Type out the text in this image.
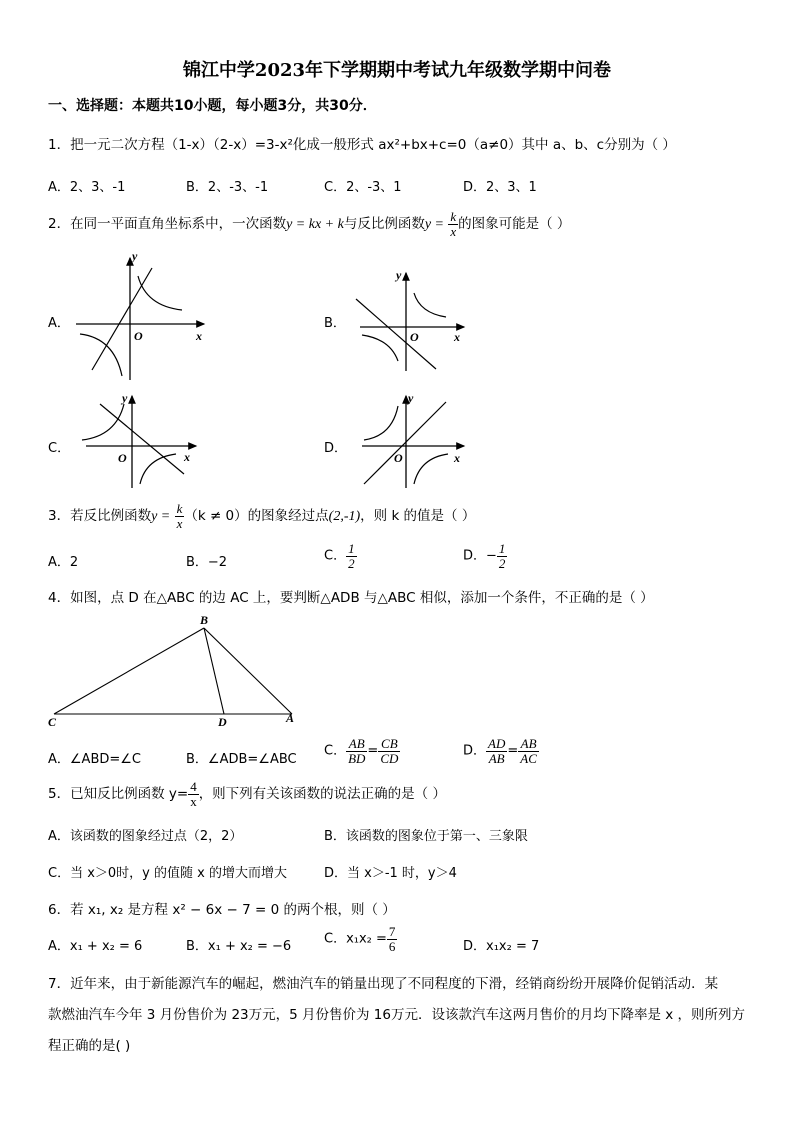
锦江中学2023年下学期期中考试九年级数学期中问卷
一、选择题：本题共10小题，每小题3分，共30分．
1．把一元二次方程（1-x）（2-x）=3-x²化成一般形式 ax²+bx+c=0（a≠0）其中 a、b、c分别为（ ）
A．2、3、-1	B．2、-3、-1	C．2、-3、1	D．2、3、1
2．在同一平面直角坐标系中，一次函数y = kx + k与反比例函数$y = \frac{k}{x}$ 的图象可能是（ ）
A．	B．
C．	D．
y
x
O
y
x
O
y
x
O
y
x
O
3．若反比例函数$y = \frac{k}{x} (k \ne 0)$的图象经过点(2,-1)，则 k 的值是（ ）
A．2	B．−2	C． $\frac{1}{2}$	D．− $\frac{1}{2}$
4．如图，点 D 在△ABC 的边 AC 上，要判断△ADB 与△ABC 相似，添加一个条件，不正确的是（ ）
B
C	D	A
A．∠ABD=∠C	B．∠ADB=∠ABC
C． $\frac{AB}{BD} = \frac{CB}{CD}$	D． $\frac{AD}{AB} = \frac{AB}{AC}$
5．已知反比例函数 $y= \frac{4}{x}$ ，则下列有关该函数的说法正确的是（ ）
A．该函数的图象经过点（2，2）	B．该函数的图象位于第一、三象限
C．当 x＞0时，y 的值随 x 的增大而增大	D．当 x＞-1 时，y＞4
6．若 x₁, x₂ 是方程 x² − 6x − 7 = 0 的两个根，则（ ）
A．x₁ + x₂ = 6	B．x₁ + x₂ = −6	C．$x_1x_2 = \frac{7}{6}$	D．x₁x₂ = 7
7．近年来，由于新能源汽车的崛起，燃油汽车的销量出现了不同程度的下滑，经销商纷纷开展降价促销活动．某
款燃油汽车今年 3 月份售价为 23万元，5 月份售价为 16万元．设该款汽车这两月售价的月均下降率是 x ，则所列方
程正确的是( )
